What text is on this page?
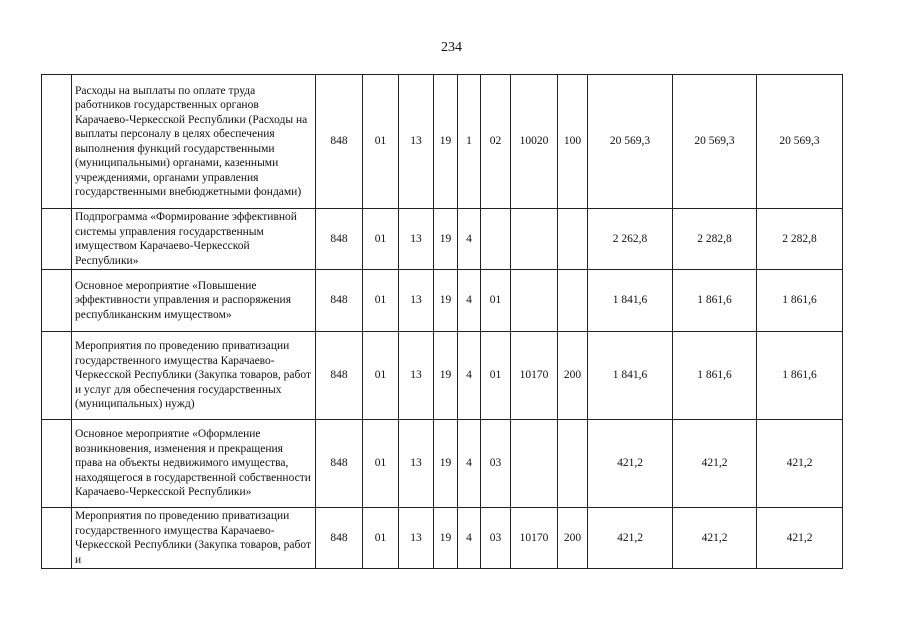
234
	Расходы на выплаты по оплате труда работников государственных органов Карачаево-Черкесской Республики (Расходы на выплаты персоналу в целях обеспечения выполнения функций государственными (муниципальными) органами, казенными учреждениями, органами управления государственными внебюджетными фондами)	848	01	13	19	1	02	10020	100	20 569,3	20 569,3	20 569,3
	Подпрограмма «Формирование эффективной системы управления государственным имуществом Карачаево-Черкесской Республики»	848	01	13	19	4				2 262,8	2 282,8	2 282,8
	Основное мероприятие «Повышение эффективности управления и распоряжения республиканским имуществом»	848	01	13	19	4	01			1 841,6	1 861,6	1 861,6
	Мероприятия по проведению приватизации государственного имущества Карачаево-Черкесской Республики (Закупка товаров, работ и услуг для обеспечения государственных (муниципальных) нужд)	848	01	13	19	4	01	10170	200	1 841,6	1 861,6	1 861,6
	Основное мероприятие «Оформление возникновения, изменения и прекращения права на объекты недвижимого имущества, находящегося в государственной собственности Карачаево-Черкесской Республики»	848	01	13	19	4	03			421,2	421,2	421,2
	Мероприятия по проведению приватизации государственного имущества Карачаево-Черкесской Республики (Закупка товаров, работ и	848	01	13	19	4	03	10170	200	421,2	421,2	421,2
